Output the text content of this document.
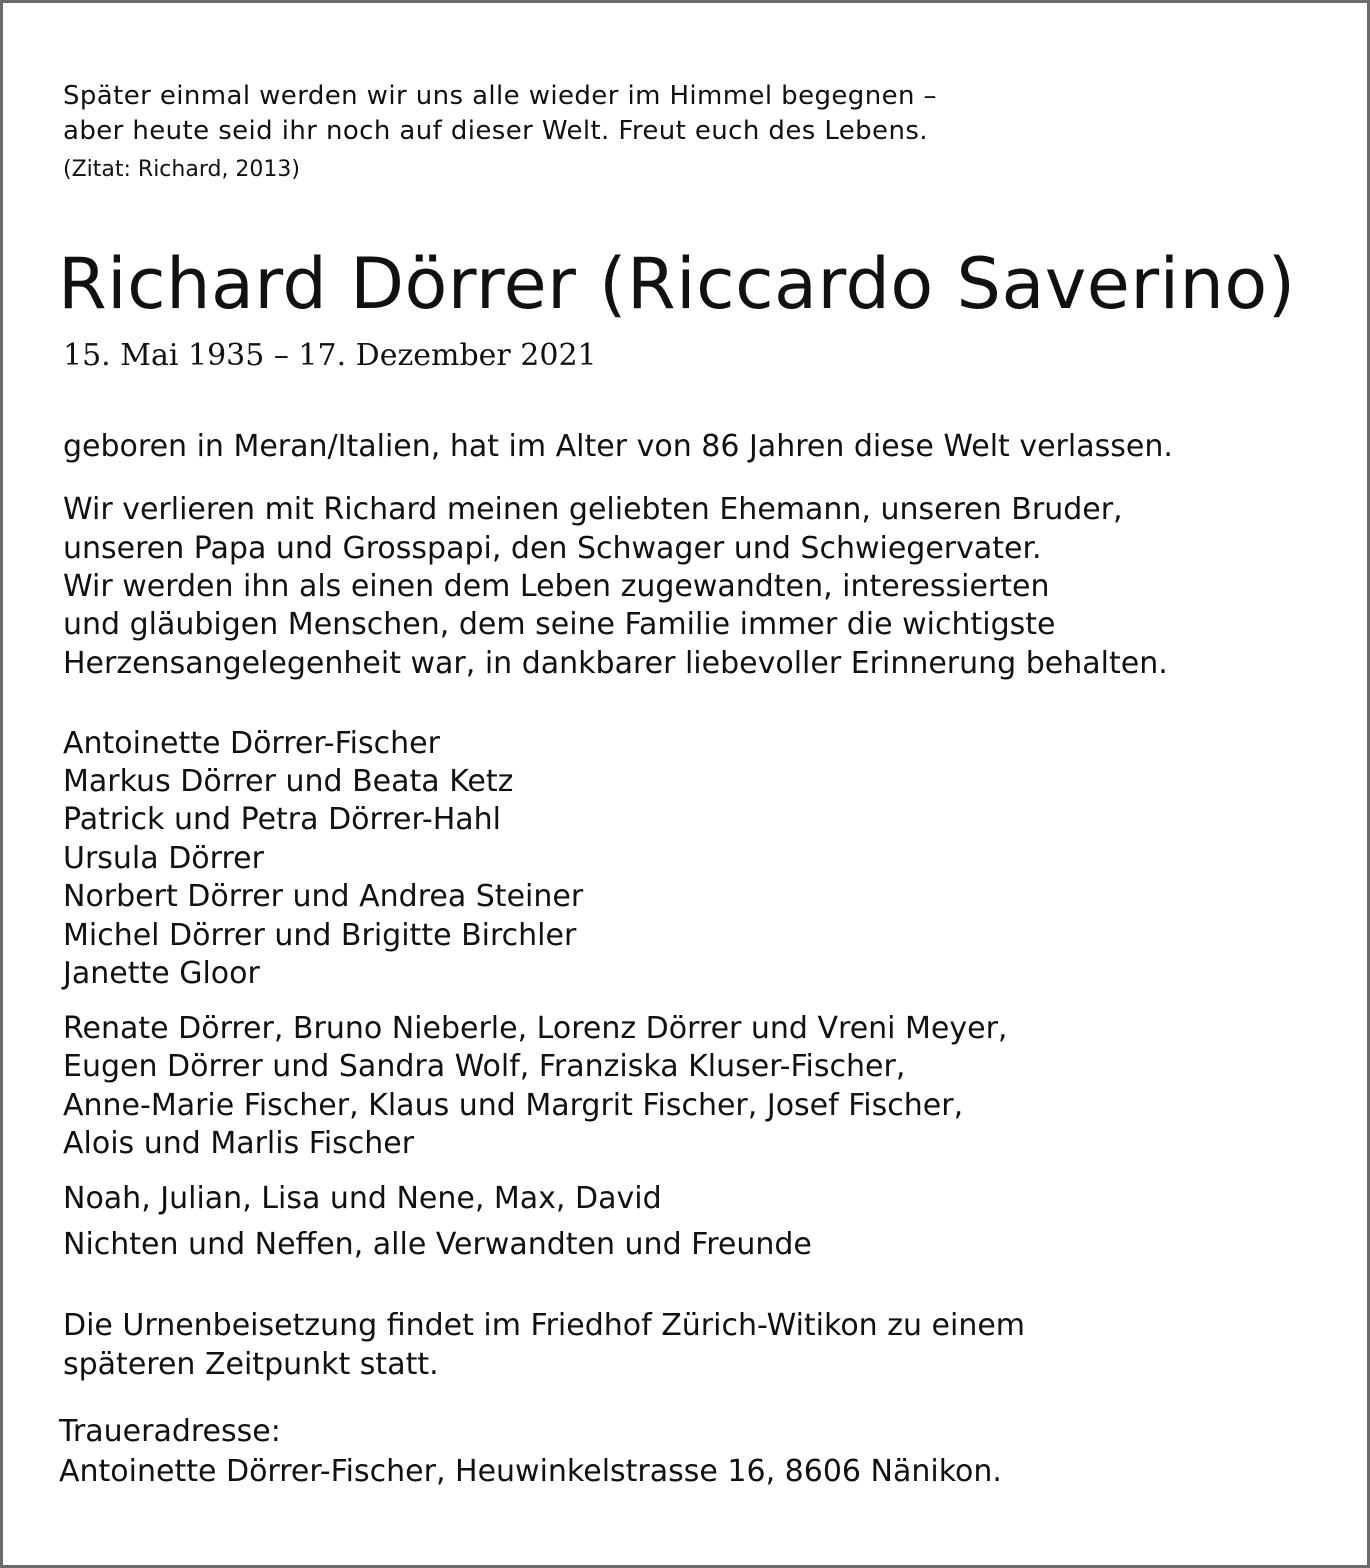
Später einmal werden wir uns alle wieder im Himmel begegnen –
aber heute seid ihr noch auf dieser Welt. Freut euch des Lebens.
(Zitat: Richard, 2013)
Richard Dörrer (Riccardo Saverino)
15. Mai 1935 – 17. Dezember 2021
geboren in Meran/Italien, hat im Alter von 86 Jahren diese Welt verlassen.
Wir verlieren mit Richard meinen geliebten Ehemann, unseren Bruder,
unseren Papa und Grosspapi, den Schwager und Schwiegervater.
Wir werden ihn als einen dem Leben zugewandten, interessierten
und gläubigen Menschen, dem seine Familie immer die wichtigste
Herzensangelegenheit war, in dankbarer liebevoller Erinnerung behalten.
Antoinette Dörrer-Fischer
Markus Dörrer und Beata Ketz
Patrick und Petra Dörrer-Hahl
Ursula Dörrer
Norbert Dörrer und Andrea Steiner
Michel Dörrer und Brigitte Birchler
Janette Gloor
Renate Dörrer, Bruno Nieberle, Lorenz Dörrer und Vreni Meyer,
Eugen Dörrer und Sandra Wolf, Franziska Kluser-Fischer,
Anne-Marie Fischer, Klaus und Margrit Fischer, Josef Fischer,
Alois und Marlis Fischer
Noah, Julian, Lisa und Nene, Max, David
Nichten und Neffen, alle Verwandten und Freunde
Die Urnenbeisetzung findet im Friedhof Zürich-Witikon zu einem
späteren Zeitpunkt statt.
Traueradresse:
Antoinette Dörrer-Fischer, Heuwinkelstrasse 16, 8606 Nänikon.
